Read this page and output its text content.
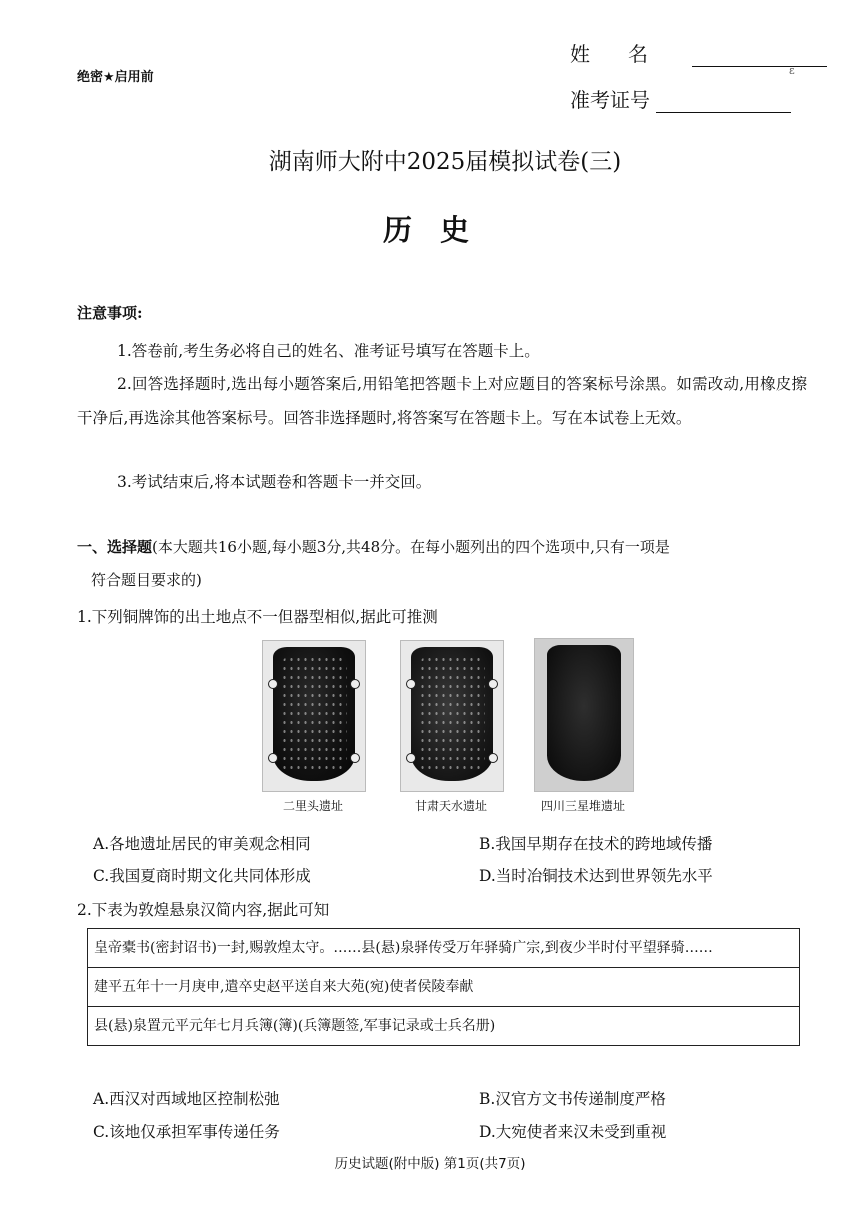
绝密★启用前	ε
姓名
准考证号
湖南师大附中2025届模拟试卷(三)
历史
注意事项:
1.答卷前,考生务必将自己的姓名、准考证号填写在答题卡上。
2.回答选择题时,选出每小题答案后,用铅笔把答题卡上对应题目的答案标号涂黑。如需改动,用橡皮擦干净后,再选涂其他答案标号。回答非选择题时,将答案写在答题卡上。写在本试卷上无效。
3.考试结束后,将本试题卷和答题卡一并交回。
一、选择题(本大题共16小题,每小题3分,共48分。在每小题列出的四个选项中,只有一项是
符合题目要求的)
1.下列铜牌饰的出土地点不一但器型相似,据此可推测
二里头遗址	甘肃天水遗址	四川三星堆遗址
A.各地遗址居民的审美观念相同	B.我国早期存在技术的跨地域传播
C.我国夏商时期文化共同体形成	D.当时冶铜技术达到世界领先水平
2.下表为敦煌悬泉汉简内容,据此可知
皇帝橐书(密封诏书)一封,赐敦煌太守。……县(悬)泉驿传受万年驿骑广宗,到夜少半时付平望驿骑……
建平五年十一月庚申,遣卒史赵平送自来大苑(宛)使者侯陵奉献
县(悬)泉置元平元年七月兵簿(簿)(兵簿题签,军事记录或士兵名册)
A.西汉对西域地区控制松弛	B.汉官方文书传递制度严格
C.该地仅承担军事传递任务	D.大宛使者来汉未受到重视
历史试题(附中版) 第1页(共7页)
